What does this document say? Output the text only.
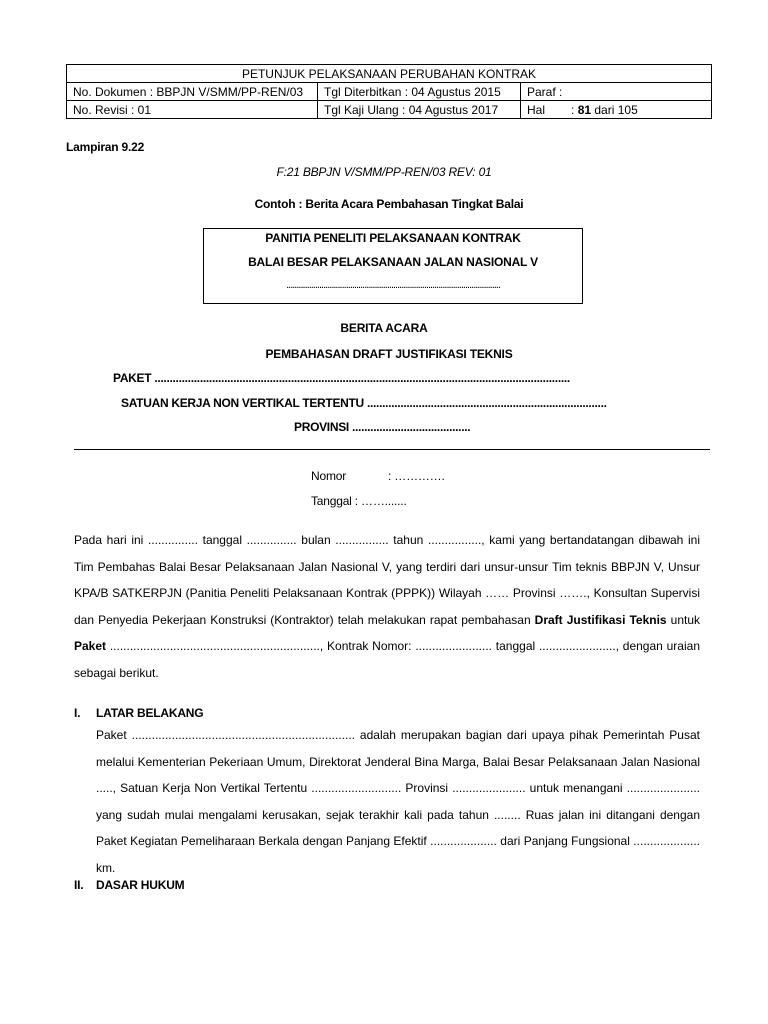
PETUNJUK PELAKSANAAN PERUBAHAN KONTRAK		
No. Dokumen : BBPJN V/SMM/PP-REN/03	Tgl Diterbitkan : 04 Agustus 2015	Paraf :
No. Revisi : 01	Tgl Kaji Ulang : 04 Agustus 2017	Hal : 81 dari 105
Lampiran 9.22
F:21 BBPJN V/SMM/PP-REN/03 REV: 01
Contoh : Berita Acara Pembahasan Tingkat Balai
PANITIA PENELITI PELAKSANAAN KONTRAK
BALAI BESAR PELAKSANAAN JALAN NASIONAL V
........................................................................................................
BERITA ACARA
PEMBAHASAN DRAFT JUSTIFIKASI TEKNIS
PAKET .........................................................................................................................................
SATUAN KERJA NON VERTIKAL TERTENTU ...............................................................................
PROVINSI .......................................
Nomor	: ………….
Tanggal : …….......
Pada hari ini ............... tanggal ............... bulan ................ tahun ................, kami yang bertandatangan dibawah ini Tim Pembahas Balai Besar Pelaksanaan Jalan Nasional V, yang terdiri dari unsur-unsur Tim teknis BBPJN V, Unsur KPA/B SATKERPJN (Panitia Peneliti Pelaksanaan Kontrak (PPPK)) Wilayah …… Provinsi ……., Konsultan Supervisi dan Penyedia Pekerjaan Konstruksi (Kontraktor) telah melakukan rapat pembahasan Draft Justifikasi Teknis untuk Paket ..............................................................., Kontrak Nomor: ....................... tanggal ......................., dengan uraian sebagai berikut.
I. LATAR BELAKANG
Paket ................................................................... adalah merupakan bagian dari upaya pihak Pemerintah Pusat melalui Kementerian Pekeriaan Umum, Direktorat Jenderal Bina Marga, Balai Besar Pelaksanaan Jalan Nasional ....., Satuan Kerja Non Vertikal Tertentu ........................... Provinsi ...................... untuk menangani ...................... yang sudah mulai mengalami kerusakan, sejak terakhir kali pada tahun ........ Ruas jalan ini ditangani dengan Paket Kegiatan Pemeliharaan Berkala dengan Panjang Efektif .................... dari Panjang Fungsional .................... km.
II. DASAR HUKUM
